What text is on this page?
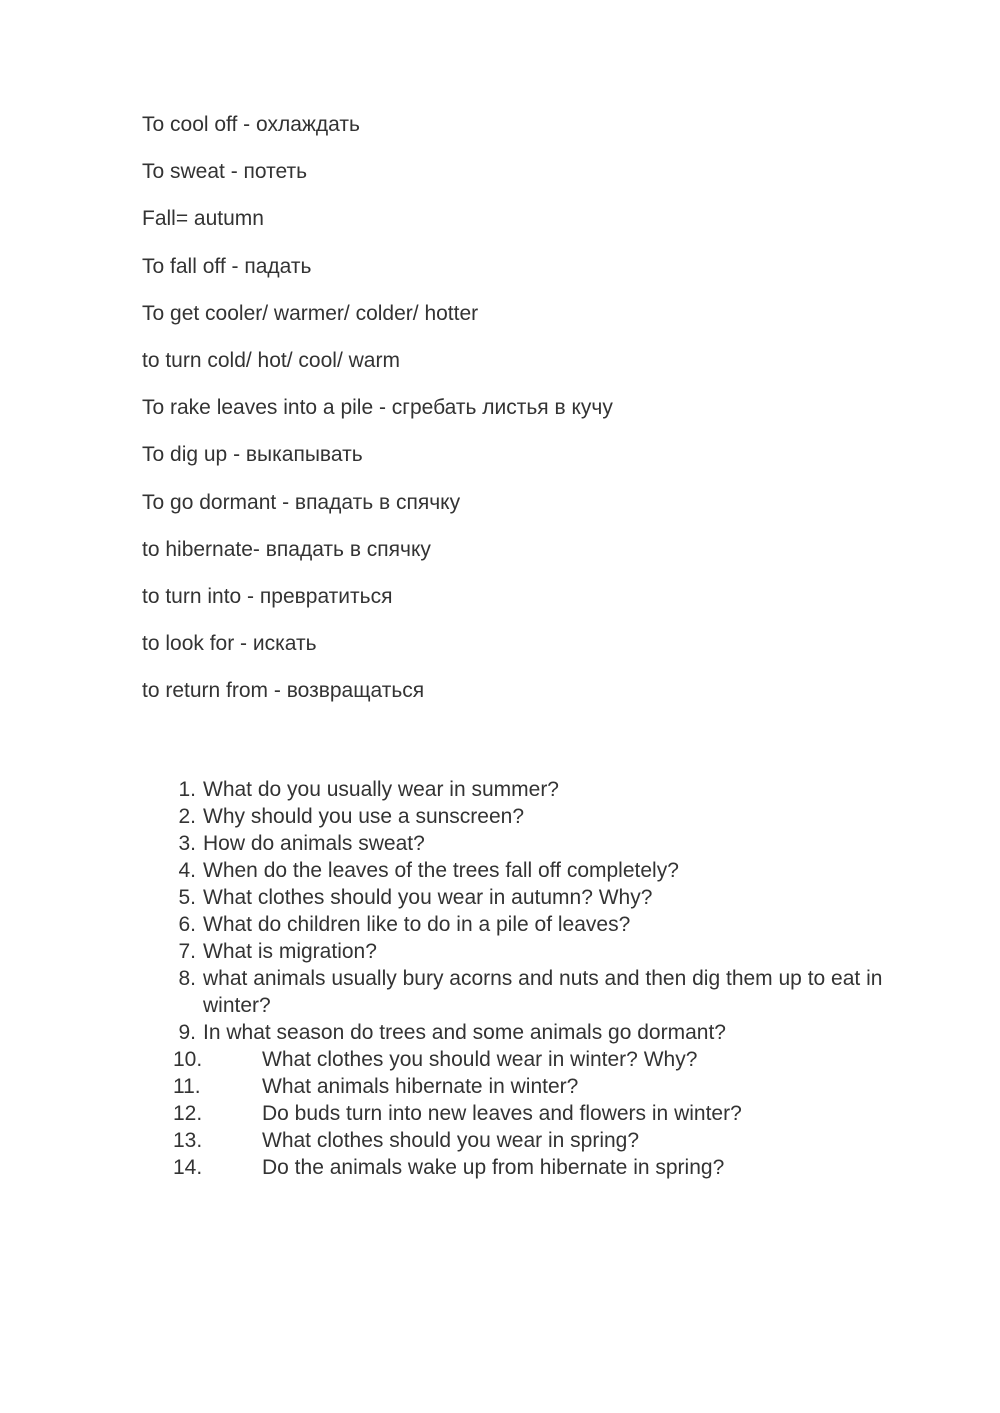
To cool off - охлаждать
To sweat - потеть
Fall= autumn
To fall off - падать
To get cooler/ warmer/ colder/ hotter
to turn cold/ hot/ cool/ warm
To rake leaves into a pile - сгребать листья в кучу
To dig up - выкапывать
To go dormant - впадать в спячку
to hibernate- впадать в спячку
to turn into - превратиться
to look for - искать
to return from - возвращаться
1. What do you usually wear in summer?
2. Why should you use a sunscreen?
3. How do animals sweat?
4. When do the leaves of the trees fall off completely?
5. What clothes should you wear in autumn? Why?
6. What do children like to do in a pile of leaves?
7. What is migration?
8. what animals usually bury acorns and nuts and then dig them up to eat in winter?
9. In what season do trees and some animals go dormant?
10.	What clothes you should wear in winter? Why?
11.	What animals hibernate in winter?
12.	Do buds turn into new leaves and flowers in winter?
13.	What clothes should you wear in spring?
14.	Do the animals wake up from hibernate in spring?
